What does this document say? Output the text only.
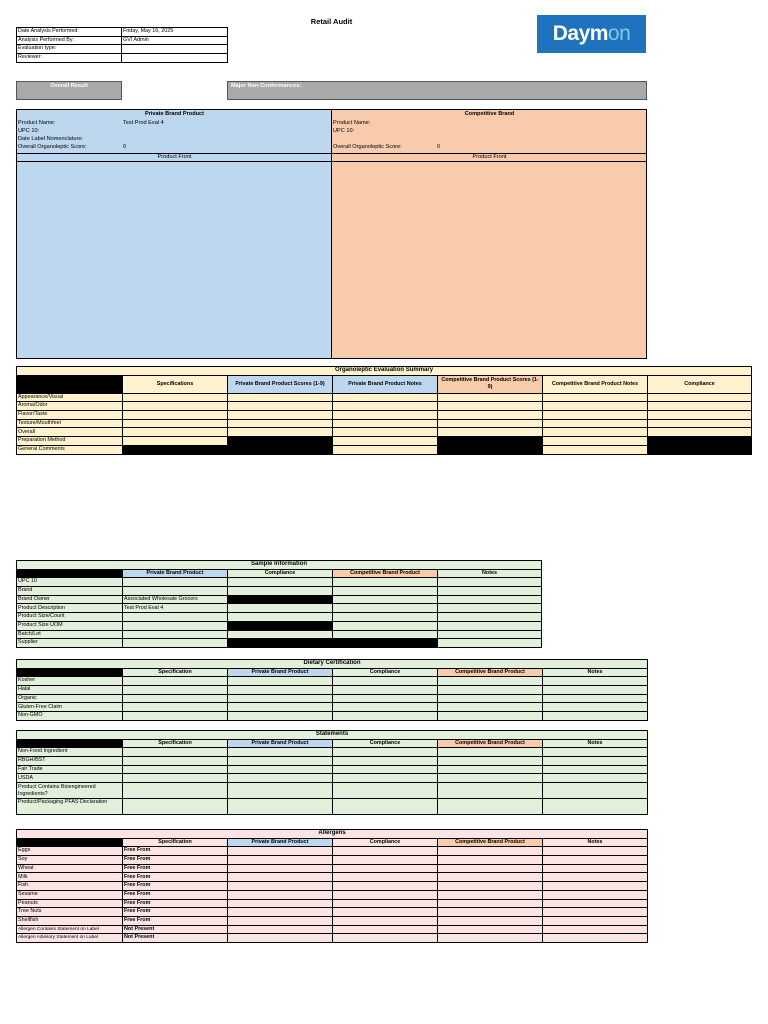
Retail Audit
Daymon
Date Analysis Performed:	Friday, May 16, 2025
Analysis Performed By:	GVI Admin
Evaluation type:	
Reviewer:	
Overall Result	Major Non-Conformances:
Private Brand Product
Product Name:	Test Prod Eval 4
UPC 10:
Date Label Nomenclature:
Overall Organoleptic Score:	0
Product Front
Competitive Brand
Product Name:
UPC 10:
Overall Organoleptic Score:	0
Product Front
Organoleptic Evaluation Summary						
	Specifications	Private Brand Product Scores (1-9)	Private Brand Product Notes	Competitive Brand Product Scores (1-9)	Competitive Brand Product Notes	Compliance
Appearance/Visual						
Aroma/Odor						
Flavor/Taste						
Texture/Mouthfeel						
Overall						
Preparation Method						
General Comments						
Sample Information				
	Private Brand Product	Compliance	Competitive Brand Product	Notes
UPC 10				
Brand				
Brand Owner	Associated Wholesale Grocers			
Product Description	Test Prod Eval 4			
Product Size/Count				
Product Size UOM				
Batch/Lot				
Supplier				
Dietary Certification					
	Specification	Private Brand Product	Compliance	Competitive Brand Product	Notes
Kosher					
Halal					
Organic					
Gluten-Free Claim					
Non-GMO					
Statements					
	Specification	Private Brand Product	Compliance	Competitive Brand Product	Notes
Non-Food Ingredient					
RBGH/BST					
Fair Trade					
USDA					
Product Contains Bioengineered Ingredients?					
Product/Packaging PFAS Declaration					
Allergens					
	Specification	Private Brand Product	Compliance	Competitive Brand Product	Notes
Eggs	Free From				
Soy	Free From				
Wheat	Free From				
Milk	Free From				
Fish	Free From				
Sesame	Free From				
Peanuts	Free From				
Tree Nuts	Free From				
Shellfish	Free From				
Allergen Contains Statement on Label	Not Present				
Allergen Advisory Statement on Label	Not Present				
